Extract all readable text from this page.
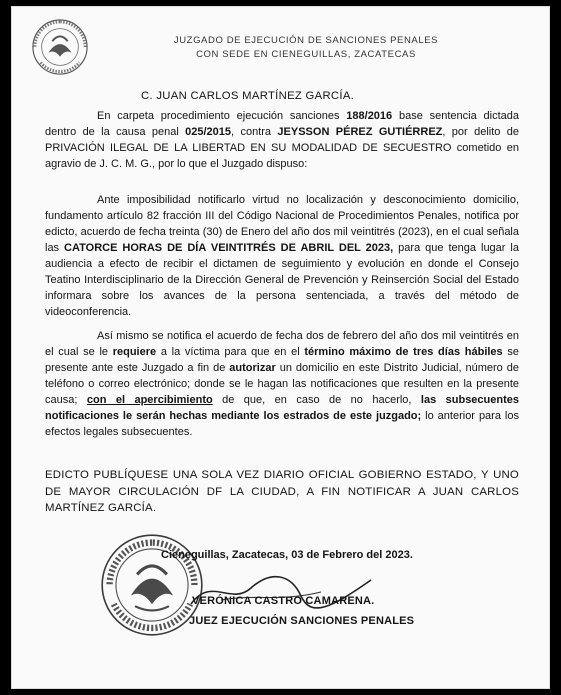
JUZGADO DE EJECUCIÓN DE SANCIONES PENALES
CON SEDE EN CIENEGUILLAS, ZACATECAS
C. JUAN CARLOS MARTÍNEZ GARCÍA.

En carpeta procedimiento ejecución sanciones 188/2016 base sentencia dictada dentro de la causa penal 025/2015, contra JEYSSON PÉREZ GUTIÉRREZ, por delito de PRIVACIÓN ILEGAL DE LA LIBERTAD EN SU MODALIDAD DE SECUESTRO cometido en agravio de J. C. M. G., por lo que el Juzgado dispuso:

Ante imposibilidad notificarlo virtud no localización y desconocimiento domicilio, fundamento artículo 82 fracción III del Código Nacional de Procedimientos Penales, notifica por edicto, acuerdo de fecha treinta (30) de Enero del año dos mil veintitrés (2023), en el cual señala las CATORCE HORAS DE DÍA VEINTITRÉS DE ABRIL DEL 2023, para que tenga lugar la audiencia a efecto de recibir el dictamen de seguimiento y evolución en donde el Consejo Teatino Interdisciplinario de la Dirección General de Prevención y Reinserción Social del Estado informara sobre los avances de la persona sentenciada, a través del método de videoconferencia.

Así mismo se notifica el acuerdo de fecha dos de febrero del año dos mil veintitrés en el cual se le requiere a la víctima para que en el término máximo de tres días hábiles se presente ante este Juzgado a fin de autorizar un domicilio en este Distrito Judicial, número de teléfono o correo electrónico; donde se le hagan las notificaciones que resulten en la presente causa; con el apercibimiento de que, en caso de no hacerlo, las subsecuentes notificaciones le serán hechas mediante los estrados de este juzgado; lo anterior para los efectos legales subsecuentes.

EDICTO PUBLÍQUESE UNA SOLA VEZ DIARIO OFICIAL GOBIERNO ESTADO, Y UNO DE MAYOR CIRCULACIÓN DF LA CIUDAD, A FIN NOTIFICAR A JUAN CARLOS MARTÍNEZ GARCÍA.
Cieneguillas, Zacatecas, 03 de Febrero del 2023.
VERÓNICA CASTRO CAMARENA.
JUEZ EJECUCIÓN SANCIONES PENALES
